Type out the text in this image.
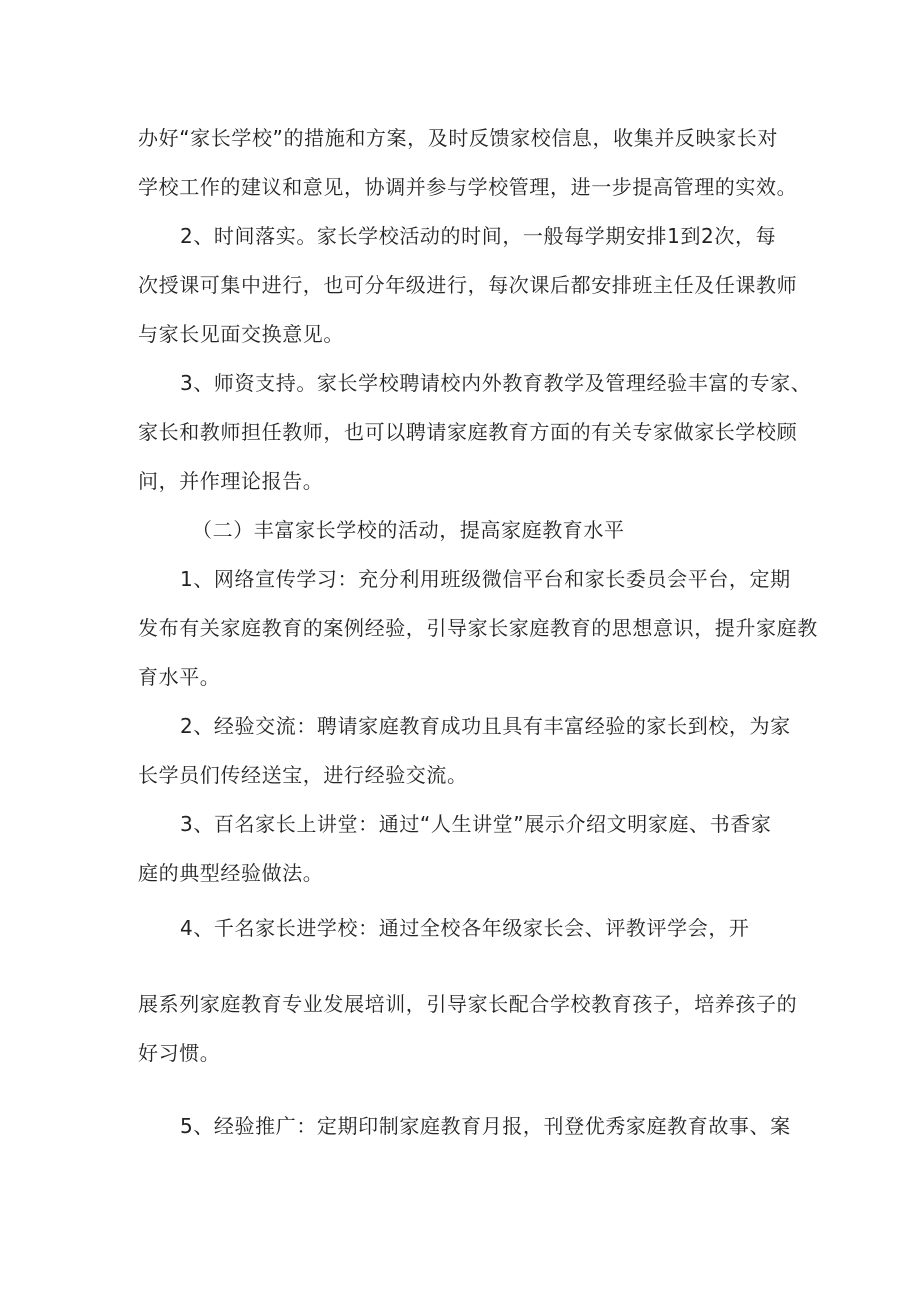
办好“家长学校”的措施和方案，及时反馈家校信息，收集并反映家长对

学校工作的建议和意见，协调并参与学校管理，进一步提高管理的实效。

2、时间落实。家长学校活动的时间，一般每学期安排1到2次，每

次授课可集中进行，也可分年级进行，每次课后都安排班主任及任课教师

与家长见面交换意见。

3、师资支持。家长学校聘请校内外教育教学及管理经验丰富的专家、

家长和教师担任教师，也可以聘请家庭教育方面的有关专家做家长学校顾

问，并作理论报告。

（二）丰富家长学校的活动，提高家庭教育水平

1、网络宣传学习：充分利用班级微信平台和家长委员会平台，定期

发布有关家庭教育的案例经验，引导家长家庭教育的思想意识，提升家庭教

育水平。

2、经验交流：聘请家庭教育成功且具有丰富经验的家长到校，为家

长学员们传经送宝，进行经验交流。

3、百名家长上讲堂：通过“人生讲堂”展示介绍文明家庭、书香家

庭的典型经验做法。

4、千名家长进学校：通过全校各年级家长会、评教评学会，开

展系列家庭教育专业发展培训，引导家长配合学校教育孩子，培养孩子的

好习惯。

5、经验推广：定期印制家庭教育月报，刊登优秀家庭教育故事、案
